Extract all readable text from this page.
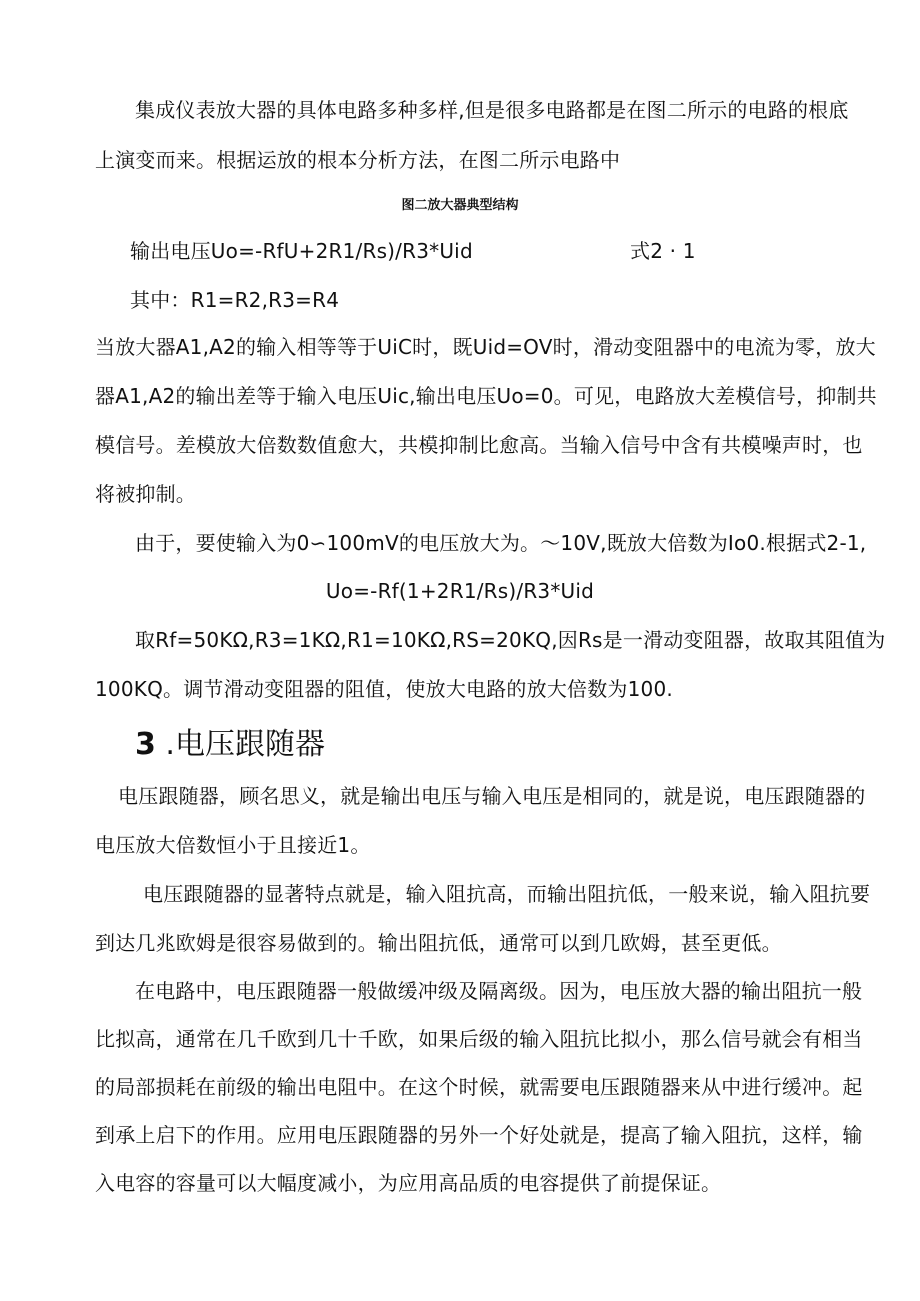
集成仪表放大器的具体电路多种多样,但是很多电路都是在图二所示的电路的根底
上演变而来。根据运放的根本分析方法，在图二所示电路中
图二放大器典型结构
输出电压Uo=-RfU+2R1/Rs)/R3*Uid	式2 · 1
其中：R1=R2,R3=R4
当放大器A1,A2的输入相等等于UiC时，既Uid=OV时，滑动变阻器中的电流为零，放大
器A1,A2的输出差等于输入电压Uic,输出电压Uo=0。可见，电路放大差模信号，抑制共
模信号。差模放大倍数数值愈大，共模抑制比愈高。当输入信号中含有共模噪声时，也
将被抑制。
由于，要使输入为0∽100mV的电压放大为。〜10V,既放大倍数为Io0.根据式2-1,
Uo=-Rf(1+2R1/Rs)/R3*Uid
取Rf=50KΩ,R3=1KΩ,R1=10KΩ,RS=20KQ,因Rs是一滑动变阻器，故取其阻值为
100KQ。调节滑动变阻器的阻值，使放大电路的放大倍数为100.
3 .电压跟随器
电压跟随器，顾名思义，就是输出电压与输入电压是相同的，就是说，电压跟随器的
电压放大倍数恒小于且接近1。
电压跟随器的显著特点就是，输入阻抗高，而输出阻抗低，一般来说，输入阻抗要
到达几兆欧姆是很容易做到的。输出阻抗低，通常可以到几欧姆，甚至更低。
在电路中，电压跟随器一般做缓冲级及隔离级。因为，电压放大器的输出阻抗一般
比拟高，通常在几千欧到几十千欧，如果后级的输入阻抗比拟小，那么信号就会有相当
的局部损耗在前级的输出电阻中。在这个时候，就需要电压跟随器来从中进行缓冲。起
到承上启下的作用。应用电压跟随器的另外一个好处就是，提高了输入阻抗，这样，输
入电容的容量可以大幅度减小，为应用高品质的电容提供了前提保证。
